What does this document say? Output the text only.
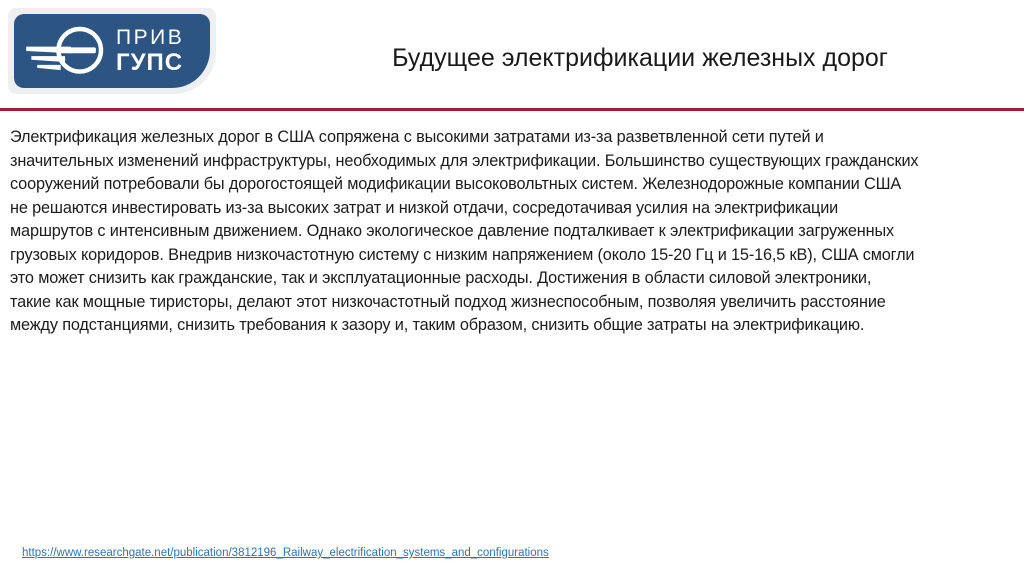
ПРИВ
ГУПС	Будущее электрификации железных дорог
Электрификация железных дорог в США сопряжена с высокими затратами из-за разветвленной сети путей и
значительных изменений инфраструктуры, необходимых для электрификации. Большинство существующих гражданских
сооружений потребовали бы дорогостоящей модификации высоковольтных систем. Железнодорожные компании США
не решаются инвестировать из-за высоких затрат и низкой отдачи, сосредотачивая усилия на электрификации
маршрутов с интенсивным движением. Однако экологическое давление подталкивает к электрификации загруженных
грузовых коридоров. Внедрив низкочастотную систему с низким напряжением (около 15-20 Гц и 15-16,5 кВ), США смогли
это может снизить как гражданские, так и эксплуатационные расходы. Достижения в области силовой электроники,
такие как мощные тиристоры, делают этот низкочастотный подход жизнеспособным, позволяя увеличить расстояние
между подстанциями, снизить требования к зазору и, таким образом, снизить общие затраты на электрификацию.
https://www.researchgate.net/publication/3812196_Railway_electrification_systems_and_configurations
